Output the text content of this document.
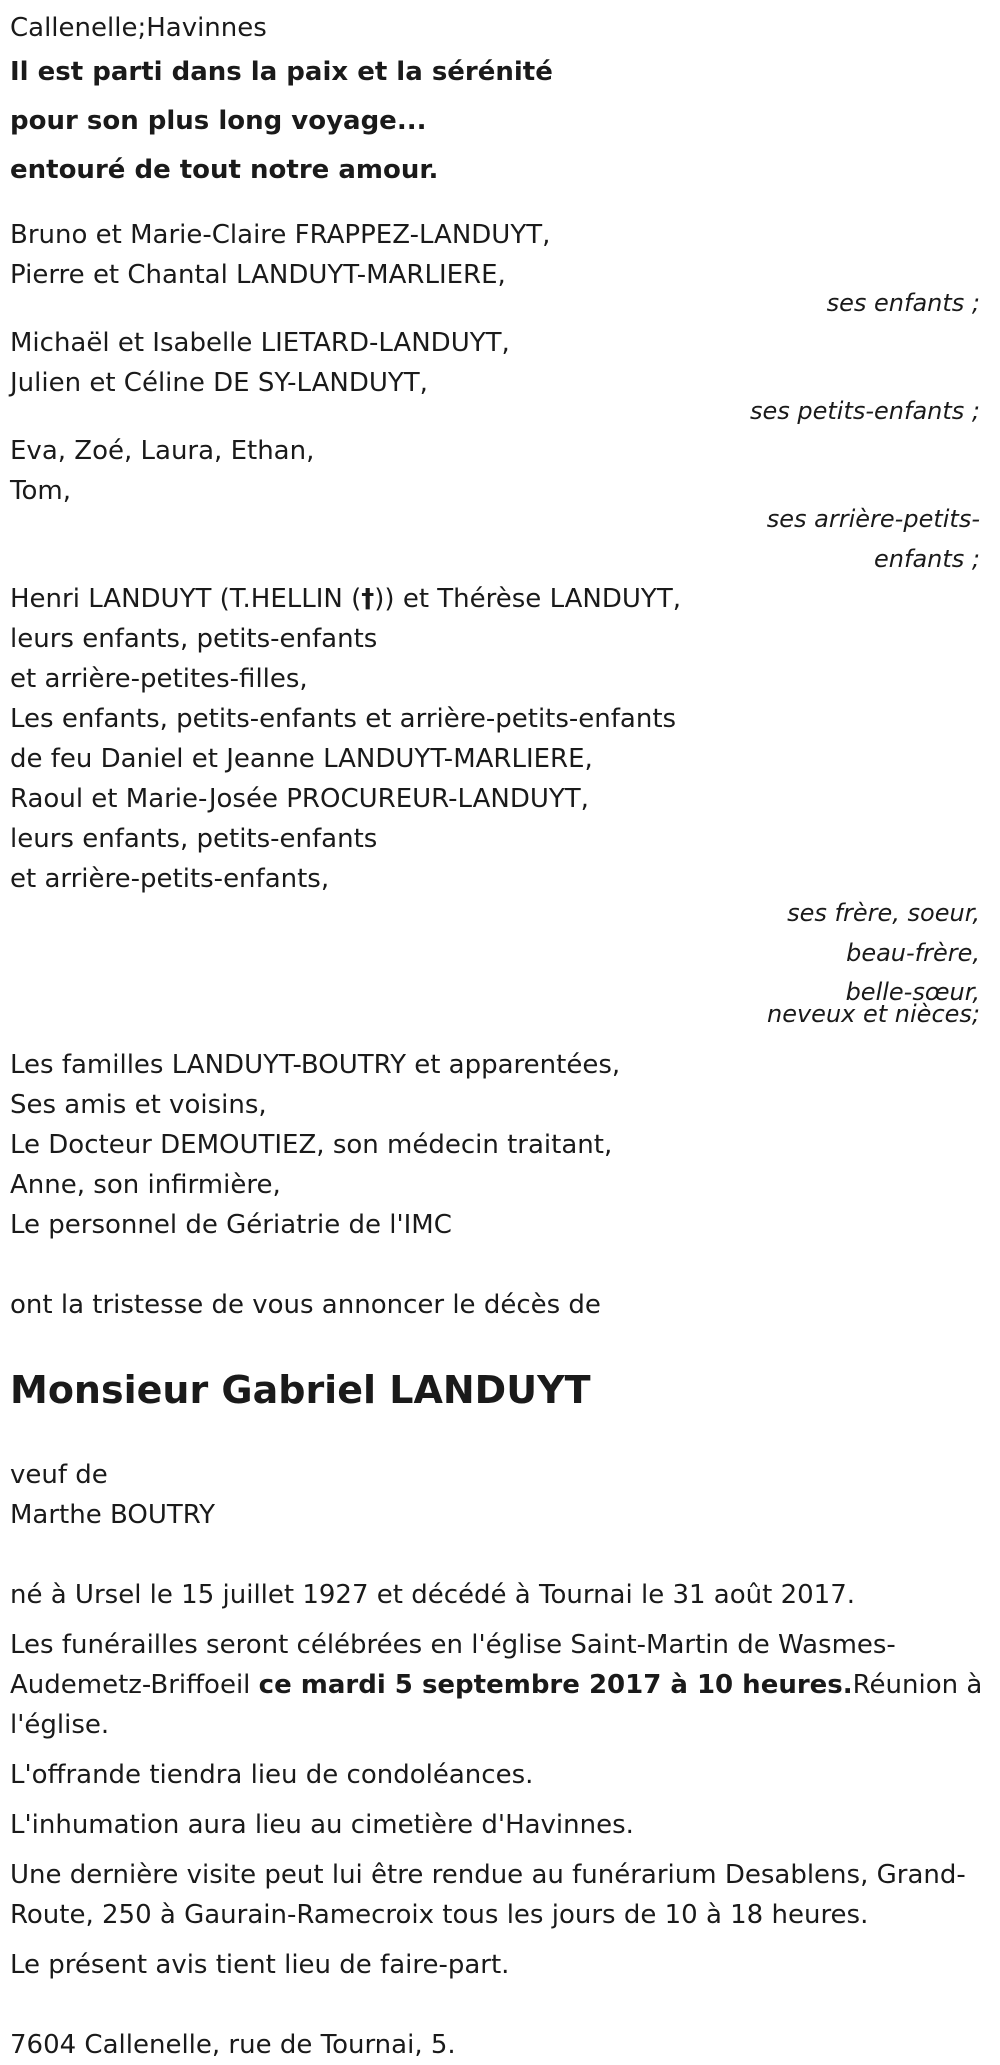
Callenelle;Havinnes
Il est parti dans la paix et la sérénité
pour son plus long voyage...
entouré de tout notre amour.
Bruno et Marie-Claire FRAPPEZ-LANDUYT,
Pierre et Chantal LANDUYT-MARLIERE,
ses enfants ;
Michaël et Isabelle LIETARD-LANDUYT,
Julien et Céline DE SY-LANDUYT,
ses petits-enfants ;
Eva, Zoé, Laura, Ethan,
Tom,
ses arrière-petits-
enfants ;
Henri LANDUYT (T.HELLIN (†)) et Thérèse LANDUYT,
leurs enfants, petits-enfants
et arrière-petites-filles,
Les enfants, petits-enfants et arrière-petits-enfants
de feu Daniel et Jeanne LANDUYT-MARLIERE,
Raoul et Marie-Josée PROCUREUR-LANDUYT,
leurs enfants, petits-enfants
et arrière-petits-enfants,
ses frère, soeur,
beau-frère,
belle-sœur,
neveux et nièces;
Les familles LANDUYT-BOUTRY et apparentées,
Ses amis et voisins,
Le Docteur DEMOUTIEZ, son médecin traitant,
Anne, son infirmière,
Le personnel de Gériatrie de l'IMC
ont la tristesse de vous annoncer le décès de
Monsieur Gabriel LANDUYT
veuf de
Marthe BOUTRY
né à Ursel le 15 juillet 1927 et décédé à Tournai le 31 août 2017.
Les funérailles seront célébrées en l'église Saint-Martin de Wasmes-Audemetz-Briffoeil ce mardi 5 septembre 2017 à 10 heures.Réunion à l'église.
L'offrande tiendra lieu de condoléances.
L'inhumation aura lieu au cimetière d'Havinnes.
Une dernière visite peut lui être rendue au funérarium Desablens, Grand-Route, 250 à Gaurain-Ramecroix tous les jours de 10 à 18 heures.
Le présent avis tient lieu de faire-part.
7604 Callenelle, rue de Tournai, 5.
